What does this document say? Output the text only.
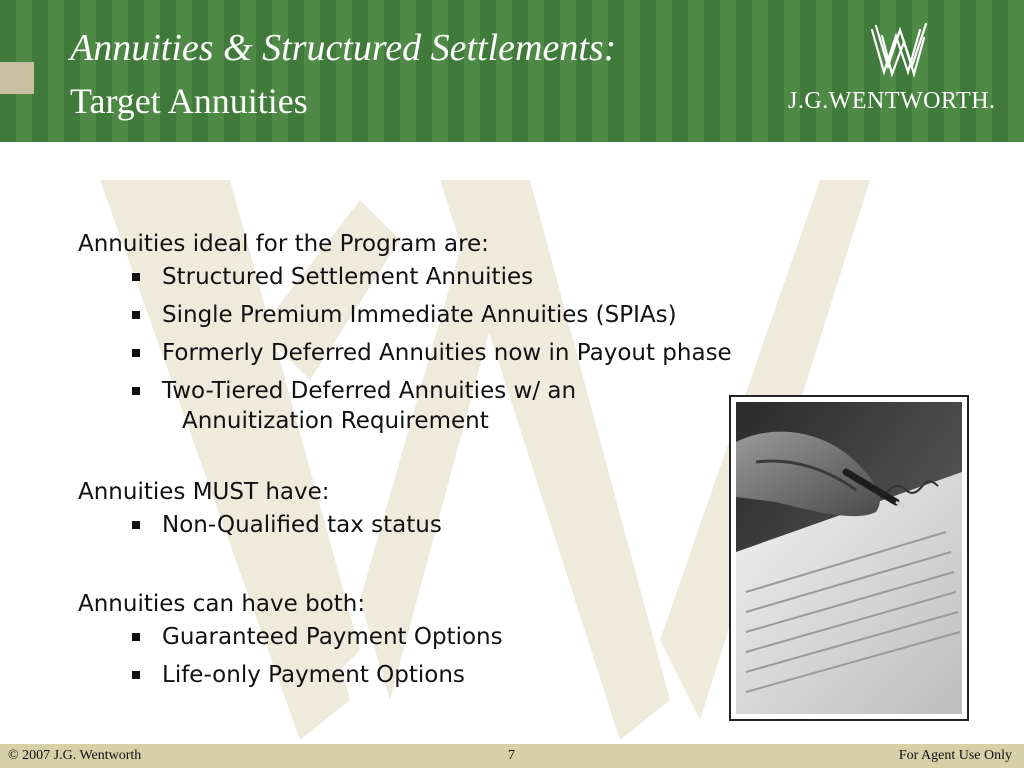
Annuities & Structured Settlements:
Target Annuities	J.G.WENTWORTH.

Annuities ideal for the Program are:

Structured Settlement Annuities
Single Premium Immediate Annuities (SPIAs)
Formerly Deferred Annuities now in Payout phase
Two-Tiered Deferred Annuities w/ an
Annuitization Requirement

Annuities MUST have:

Non-Qualified tax status

Annuities can have both:

Guaranteed Payment Options
Life-only Payment Options
© 2007 J.G. Wentworth	7	For Agent Use Only
